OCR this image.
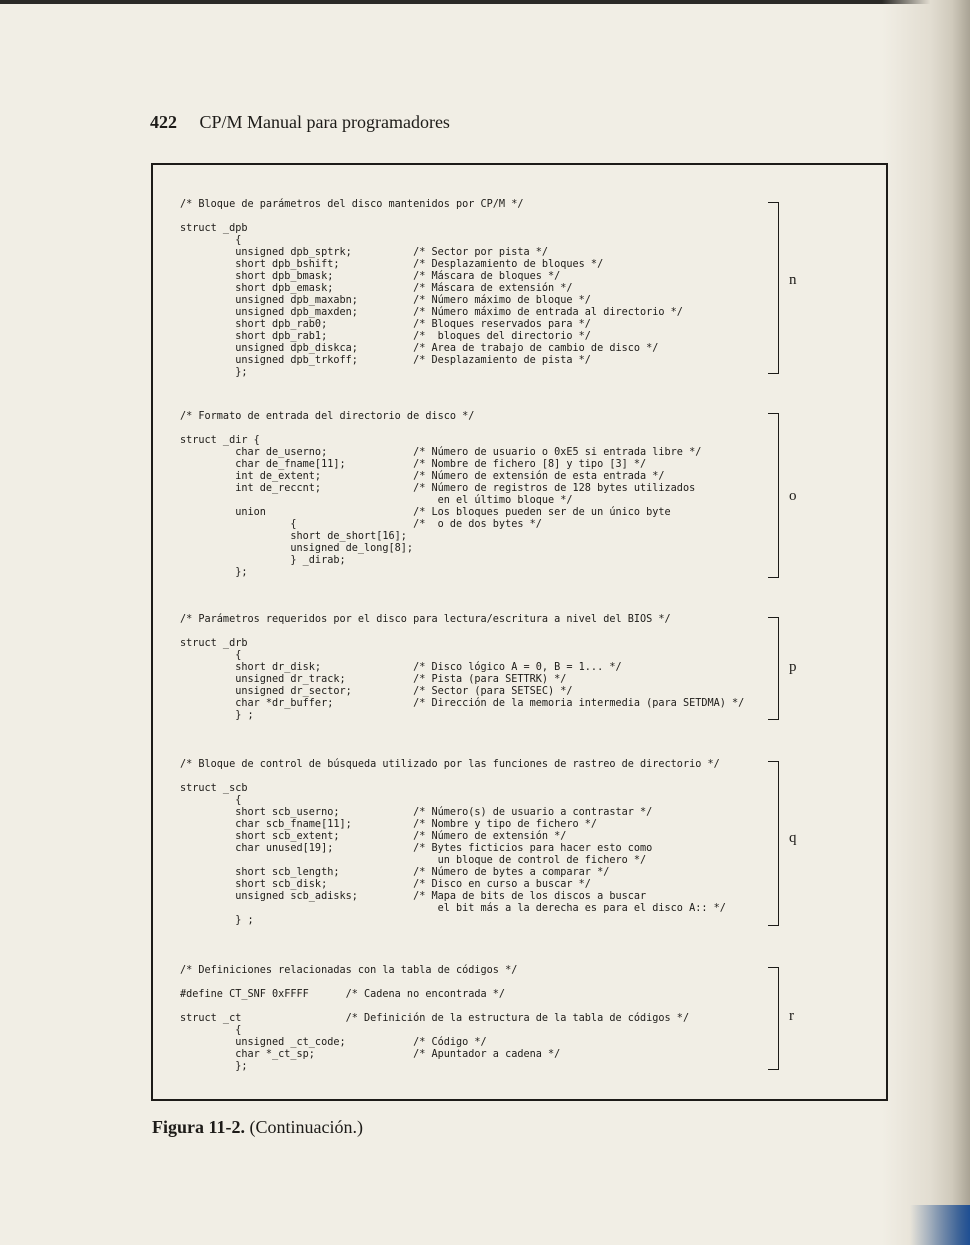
422 CP/M Manual para programadores
/* Bloque de parámetros del disco mantenidos por CP/M */

struct _dpb
{
unsigned dpb_sptrk;          /* Sector por pista */
short dpb_bshift;            /* Desplazamiento de bloques */
short dpb_bmask;             /* Máscara de bloques */
short dpb_emask;             /* Máscara de extensión */
unsigned dpb_maxabn;         /* Número máximo de bloque */
unsigned dpb_maxden;         /* Número máximo de entrada al directorio */
short dpb_rab0;              /* Bloques reservados para */
short dpb_rab1;              /*  bloques del directorio */
unsigned dpb_diskca;         /* Area de trabajo de cambio de disco */
unsigned dpb_trkoff;         /* Desplazamiento de pista */
};
n
/* Formato de entrada del directorio de disco */

struct _dir {
char de_userno;              /* Número de usuario o 0xE5 si entrada libre */
char de_fname[11];           /* Nombre de fichero [8] y tipo [3] */
int de_extent;               /* Número de extensión de esta entrada */
int de_reccnt;               /* Número de registros de 128 bytes utilizados
en el último bloque */
union                        /* Los bloques pueden ser de un único byte
{                   /*  o de dos bytes */
short de_short[16];
unsigned de_long[8];
} _dirab;
};
o
/* Parámetros requeridos por el disco para lectura/escritura a nivel del BIOS */

struct _drb
{
short dr_disk;               /* Disco lógico A = 0, B = 1... */
unsigned dr_track;           /* Pista (para SETTRK) */
unsigned dr_sector;          /* Sector (para SETSEC) */
char *dr_buffer;             /* Dirección de la memoria intermedia (para SETDMA) */
} ;
p
/* Bloque de control de búsqueda utilizado por las funciones de rastreo de directorio */

struct _scb
{
short scb_userno;            /* Número(s) de usuario a contrastar */
char scb_fname[11];          /* Nombre y tipo de fichero */
short scb_extent;            /* Número de extensión */
char unused[19];             /* Bytes ficticios para hacer esto como
un bloque de control de fichero */
short scb_length;            /* Número de bytes a comparar */
short scb_disk;              /* Disco en curso a buscar */
unsigned scb_adisks;         /* Mapa de bits de los discos a buscar
el bit más a la derecha es para el disco A:: */
} ;
q
/* Definiciones relacionadas con la tabla de códigos */

#define CT_SNF 0xFFFF      /* Cadena no encontrada */

struct _ct                 /* Definición de la estructura de la tabla de códigos */
{
unsigned _ct_code;           /* Código */
char *_ct_sp;                /* Apuntador a cadena */
};
r
Figura 11-2. (Continuación.)
